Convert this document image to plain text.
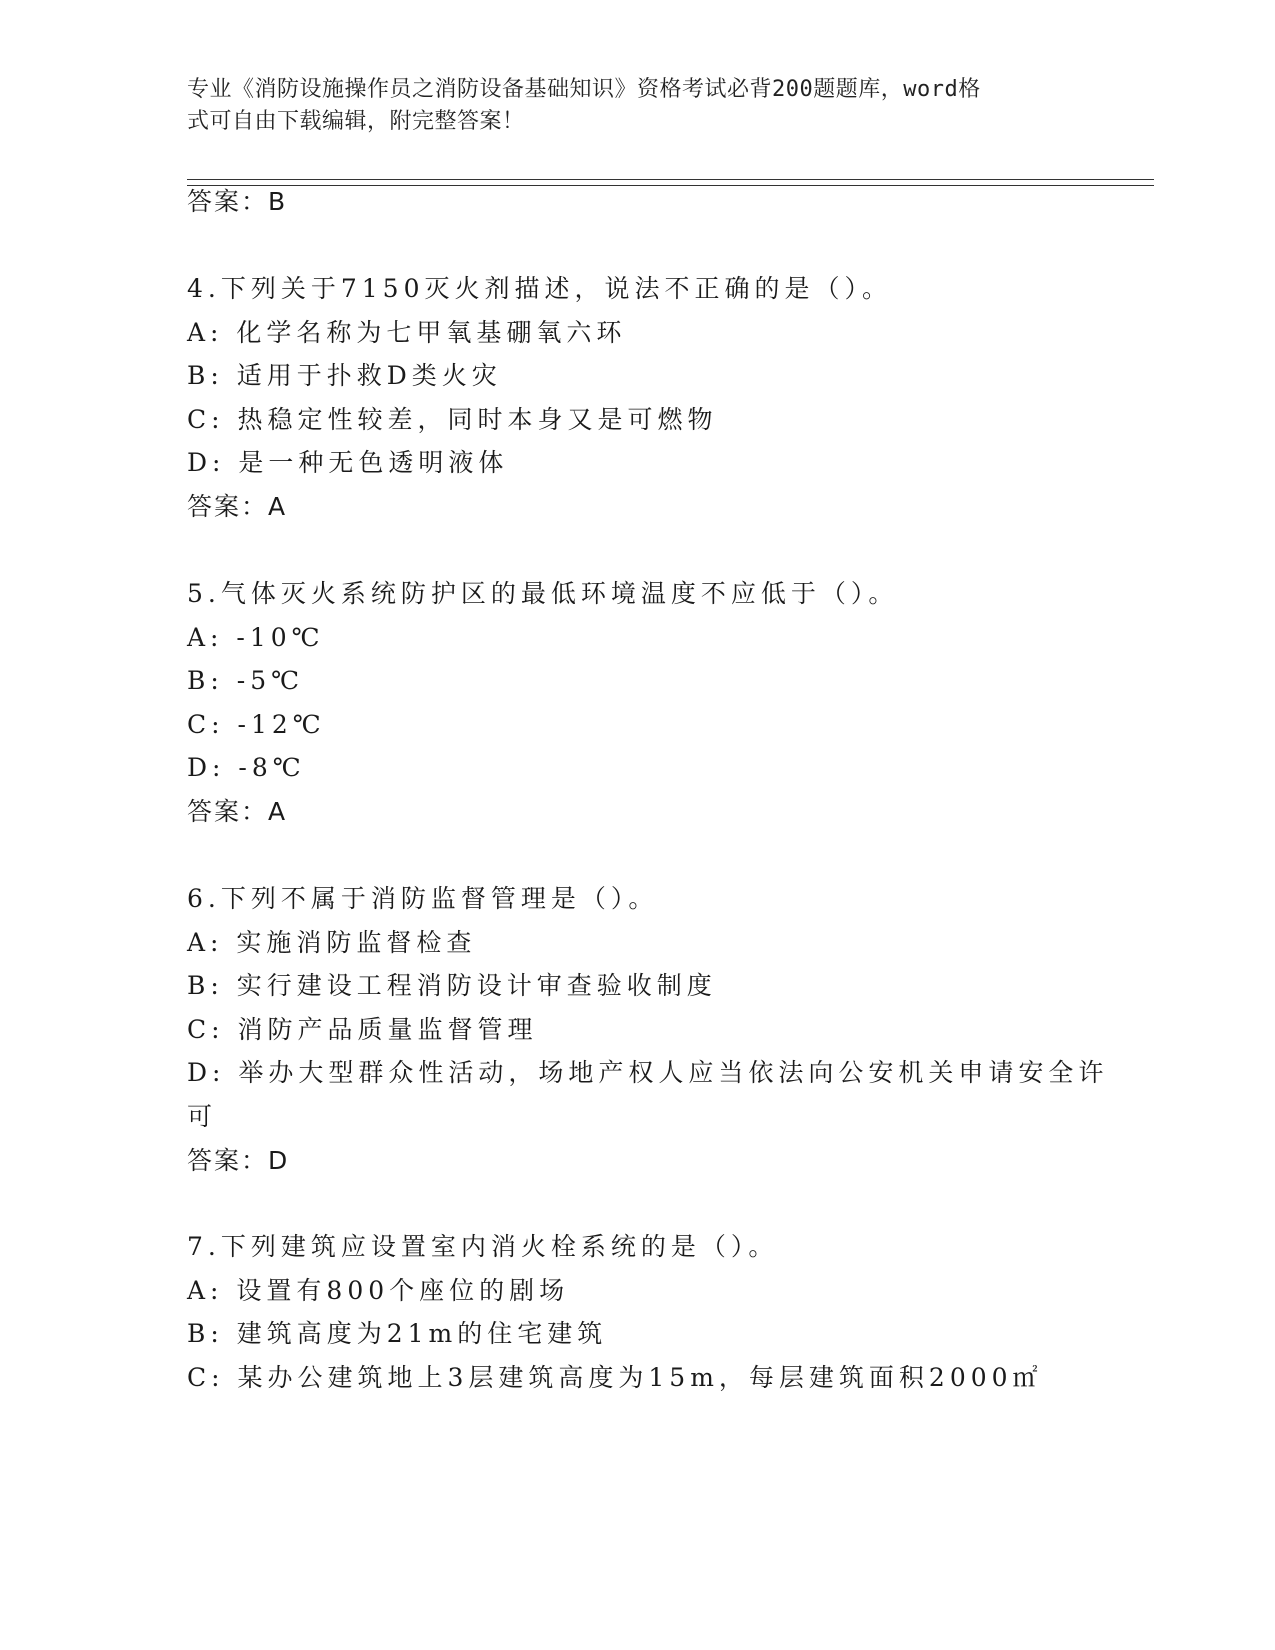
专业《消防设施操作员之消防设备基础知识》资格考试必背200题题库，word格
式可自由下载编辑，附完整答案！
答案：B
4.下列关于7150灭火剂描述，说法不正确的是（）。
A: 化学名称为七甲氧基硼氧六环
B: 适用于扑救D类火灾
C: 热稳定性较差，同时本身又是可燃物
D: 是一种无色透明液体
答案：A
5.气体灭火系统防护区的最低环境温度不应低于（）。
A: -10℃
B: -5℃
C: -12℃
D: -8℃
答案：A
6.下列不属于消防监督管理是（）。
A: 实施消防监督检查
B: 实行建设工程消防设计审查验收制度
C: 消防产品质量监督管理
D: 举办大型群众性活动，场地产权人应当依法向公安机关申请安全许
可
答案：D
7.下列建筑应设置室内消火栓系统的是（）。
A: 设置有800个座位的剧场
B: 建筑高度为21m的住宅建筑
C: 某办公建筑地上3层建筑高度为15m，每层建筑面积2000㎡
